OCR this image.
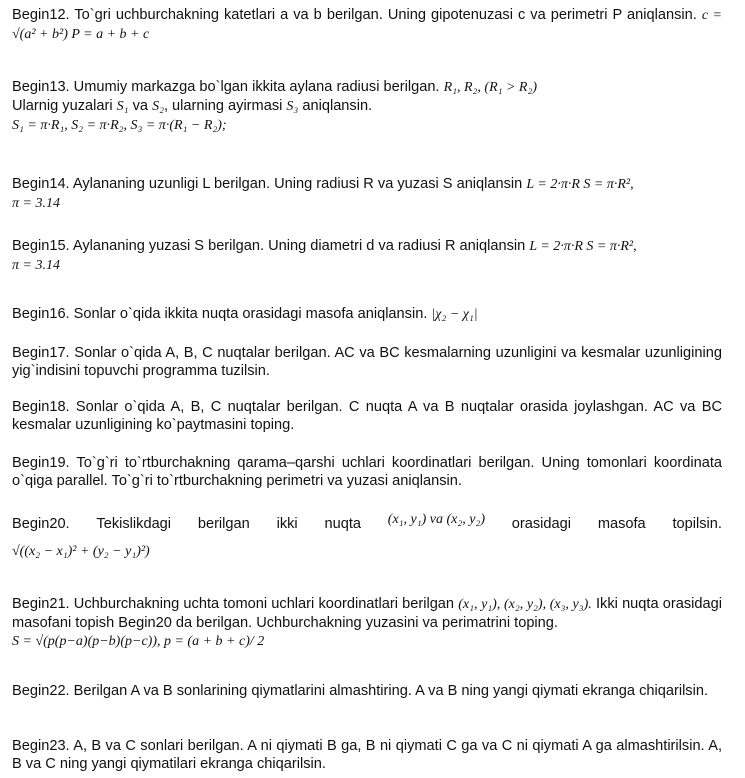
Begin12. To`gri uchburchakning katetlari a va b berilgan. Uning gipotenuzasi c va perimetri P aniqlansin. c = √(a² + b²) P = a + b + c
Begin13. Umumiy markazga bo`lgan ikkita aylana radiusi berilgan. R₁, R₂, (R₁ > R₂)
Ularnig yuzalari S₁ va S₂, ularning ayirmasi S₃ aniqlansin.
S₁ = π·R₁, S₂ = π·R₂, S₃ = π·(R₁ − R₂);
Begin14. Aylananing uzunligi L berilgan. Uning radiusi R va yuzasi S aniqlansin L = 2·π·R S = π·R²,
π = 3.14
Begin15. Aylananing yuzasi S berilgan. Uning diametri d va radiusi R aniqlansin L = 2·π·R S = π·R²,
π = 3.14
Begin16. Sonlar o`qida ikkita nuqta orasidagi masofa aniqlansin. |χ₂ − χ₁|
Begin17. Sonlar o`qida A, B, C nuqtalar berilgan. AC va BC kesmalarning uzunligini va kesmalar uzunligining yig`indisini topuvchi programma tuzilsin.
Begin18. Sonlar o`qida A, B, C nuqtalar berilgan. C nuqta A va B nuqtalar orasida joylashgan. AC va BC kesmalar uzunligining ko`paytmasini toping.
Begin19. To`g`ri to`rtburchakning qarama–qarshi uchlari koordinatlari berilgan. Uning tomonlari koordinata o`qiga parallel. To`g`ri to`rtburchakning perimetri va yuzasi aniqlansin.
Begin20. Tekislikdagi berilgan ikki nuqta (x₁, y₁) va (x₂, y₂) orasidagi masofa topilsin.
√((x₂ − x₁)² + (y₂ − y₁)²)
Begin21. Uchburchakning uchta tomoni uchlari koordinatlari berilgan (x₁, y₁), (x₂, y₂), (x₃, y₃). Ikki nuqta orasidagi masofani topish Begin20 da berilgan. Uchburchakning yuzasini va perimatrini toping.
S = √(p(p−a)(p−b)(p−c)), p = (a + b + c)/ 2
Begin22. Berilgan A va B sonlarining qiymatlarini almashtiring. A va B ning yangi qiymati ekranga chiqarilsin.
Begin23. A, B va C sonlari berilgan. A ni qiymati B ga, B ni qiymati C ga va C ni qiymati A ga almashtirilsin. A, B va C ning yangi qiymatilari ekranga chiqarilsin.
